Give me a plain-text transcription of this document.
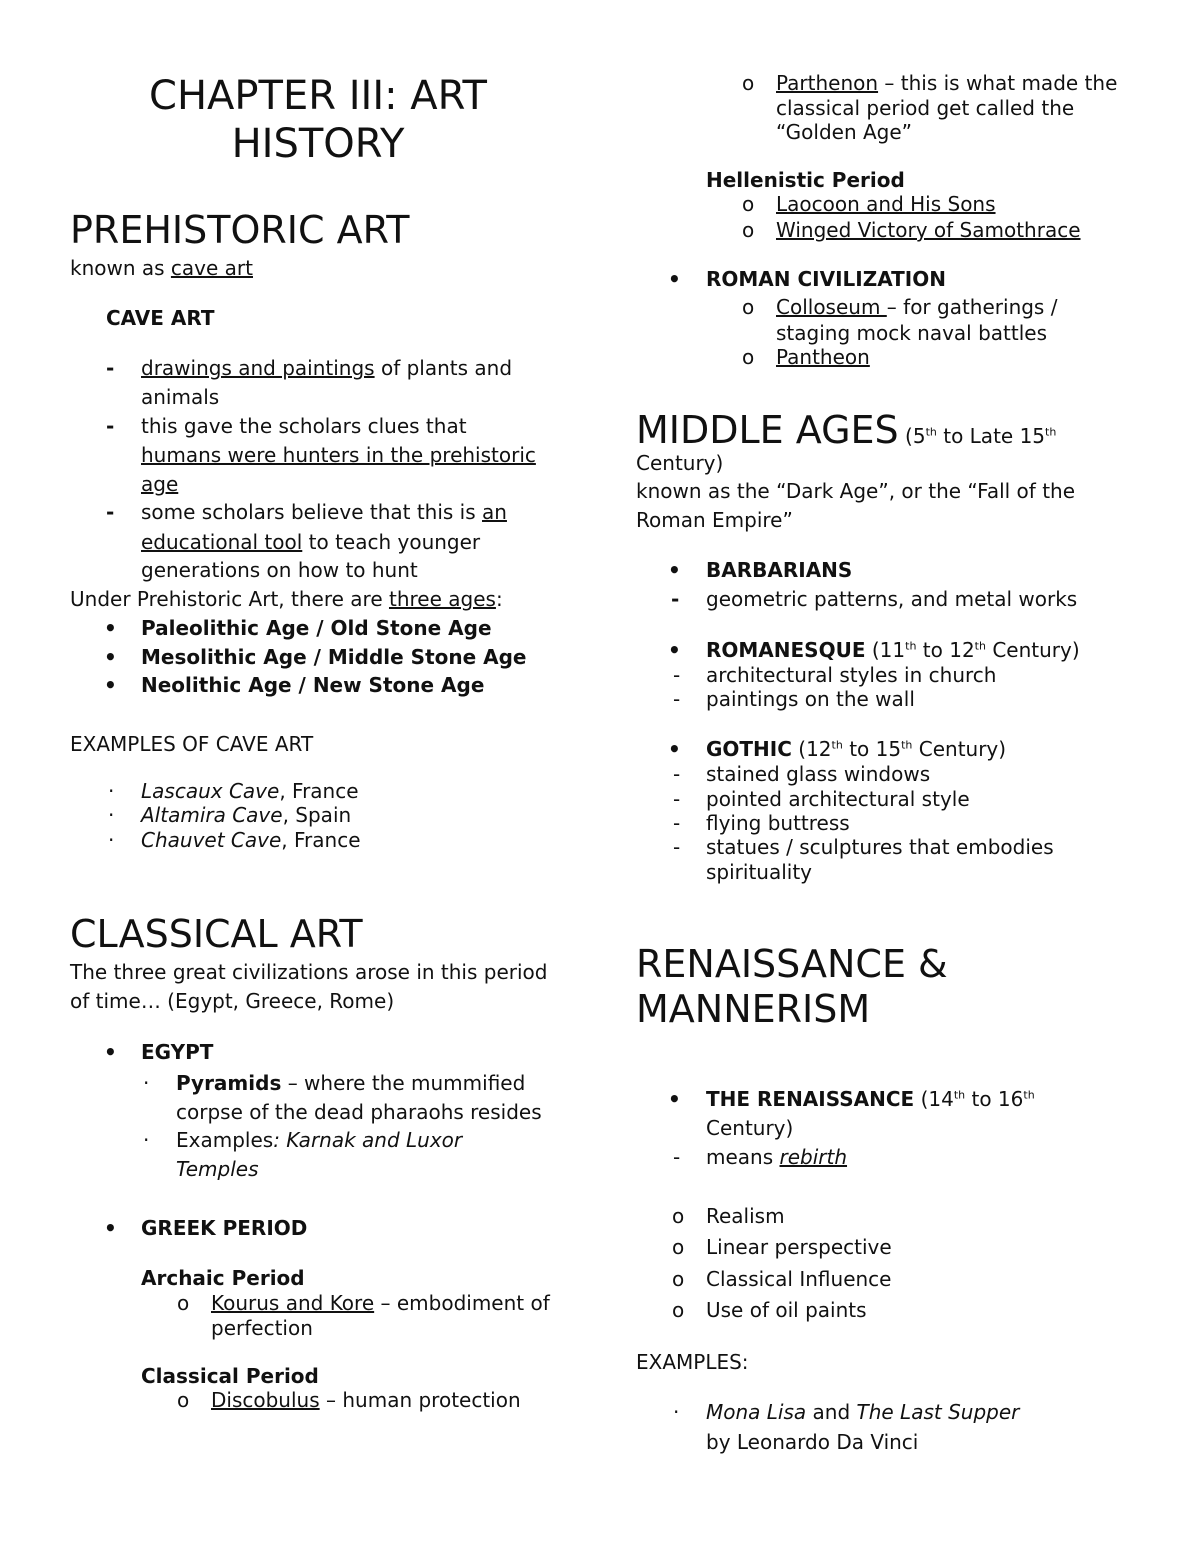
CHAPTER III: ART HISTORY
PREHISTORIC ART
known as cave art
CAVE ART
- drawings and paintings of plants and
animals
- this gave the scholars clues that
humans were hunters in the prehistoric
age
- some scholars believe that this is an
educational tool to teach younger
generations on how to hunt
Under Prehistoric Art, there are three ages:
• Paleolithic Age / Old Stone Age
• Mesolithic Age / Middle Stone Age
• Neolithic Age / New Stone Age
EXAMPLES OF CAVE ART
· Lascaux Cave, France
· Altamira Cave, Spain
· Chauvet Cave, France
CLASSICAL ART
The three great civilizations arose in this period
of time… (Egypt, Greece, Rome)
• EGYPT
· Pyramids – where the mummified
corpse of the dead pharaohs resides
· Examples: Karnak and Luxor
Temples
• GREEK PERIOD
Archaic Period
o Kourus and Kore – embodiment of
perfection
Classical Period
o Discobulus – human protection
o Parthenon – this is what made the
classical period get called the
“Golden Age”
Hellenistic Period
o Laocoon and His Sons
o Winged Victory of Samothrace
• ROMAN CIVILIZATION
o Colloseum – for gatherings /
staging mock naval battles
o Pantheon
MIDDLE AGES (5th to Late 15th
Century)
known as the “Dark Age”, or the “Fall of the
Roman Empire”
• BARBARIANS
- geometric patterns, and metal works
• ROMANESQUE (11th to 12th Century)
- architectural styles in church
- paintings on the wall
• GOTHIC (12th to 15th Century)
- stained glass windows
- pointed architectural style
- flying buttress
- statues / sculptures that embodies
spirituality
RENAISSANCE &
MANNERISM
• THE RENAISSANCE (14th to 16th
Century)
- means rebirth
o Realism
o Linear perspective
o Classical Influence
o Use of oil paints
EXAMPLES:
· Mona Lisa and The Last Supper
by Leonardo Da Vinci
